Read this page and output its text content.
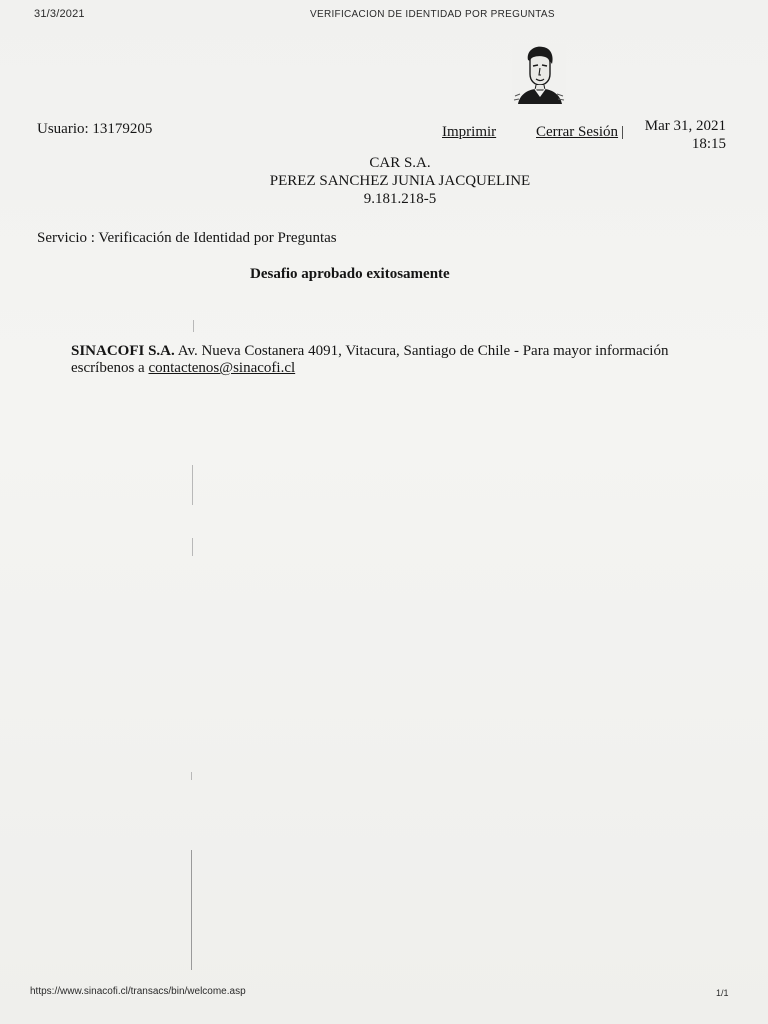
31/3/2021	VERIFICACION DE IDENTIDAD POR PREGUNTAS
Usuario: 13179205	Imprimir	Cerrar Sesión | Mar 31, 2021
18:15
CAR S.A.
PEREZ SANCHEZ JUNIA JACQUELINE
9.181.218-5
Servicio : Verificación de Identidad por Preguntas
Desafio aprobado exitosamente
SINACOFI S.A. Av. Nueva Costanera 4091, Vitacura, Santiago de Chile - Para mayor información
escríbenos a contactenos@sinacofi.cl
https://www.sinacofi.cl/transacs/bin/welcome.asp	1/1
